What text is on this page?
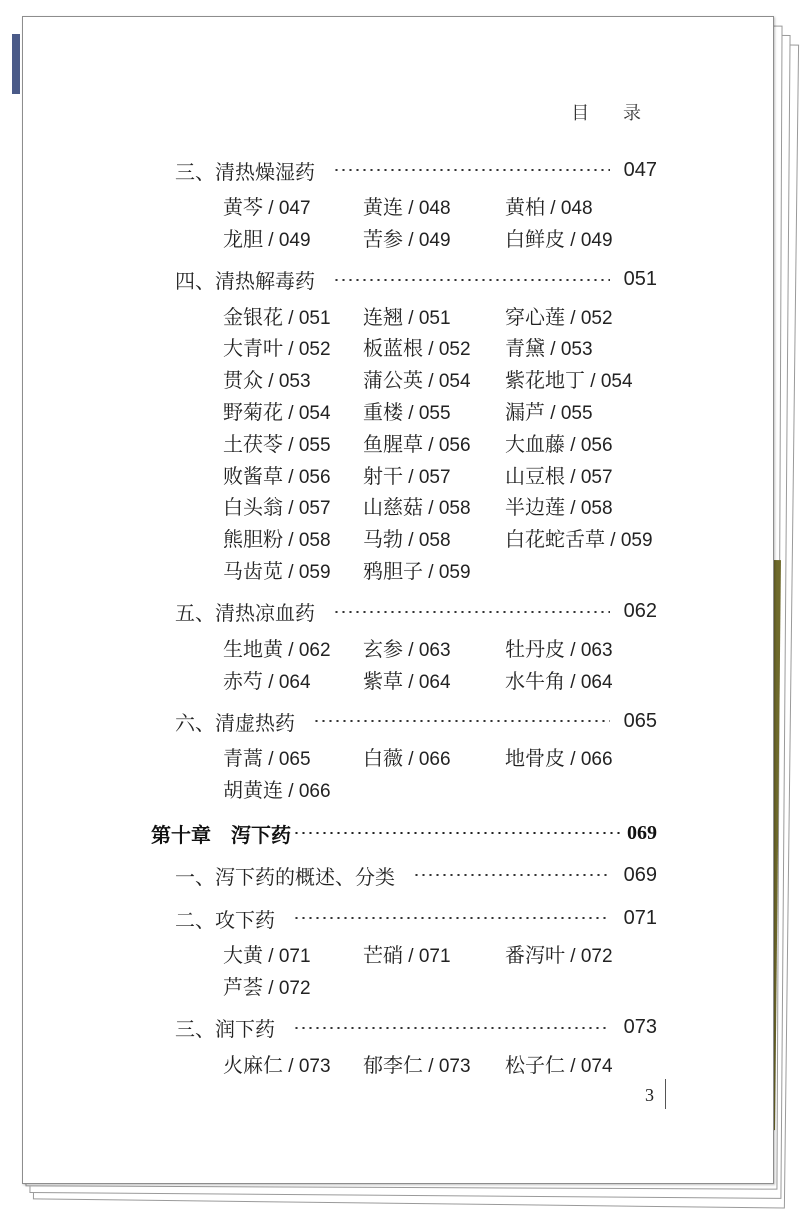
目 录
三、清热燥湿药	047
黄芩 / 047	黄连 / 048	黄柏 / 048
龙胆 / 049	苦参 / 049	白鲜皮 / 049
四、清热解毒药	051
金银花 / 051 连翘 / 051	穿心莲 / 052
大青叶 / 052 板蓝根 / 052 青黛 / 053
贯众 / 053	蒲公英 / 054 紫花地丁 / 054
野菊花 / 054 重楼 / 055	漏芦 / 055
土茯苓 / 055 鱼腥草 / 056 大血藤 / 056
败酱草 / 056 射干 / 057	山豆根 / 057
白头翁 / 057 山慈菇 / 058 半边莲 / 058
熊胆粉 / 058 马勃 / 058	白花蛇舌草 / 059
马齿苋 / 059 鸦胆子 / 059
五、清热凉血药	062
生地黄 / 062 玄参 / 063	牡丹皮 / 063
赤芍 / 064	紫草 / 064	水牛角 / 064
六、清虚热药	065
青蒿 / 065	白薇 / 066	地骨皮 / 066
胡黄连 / 066
第十章　泻下药	069
一、泻下药的概述、分类	069
二、攻下药	071
大黄 / 071	芒硝 / 071	番泻叶 / 072
芦荟 / 072
三、润下药	073
火麻仁 / 073 郁李仁 / 073 松子仁 / 074
3
